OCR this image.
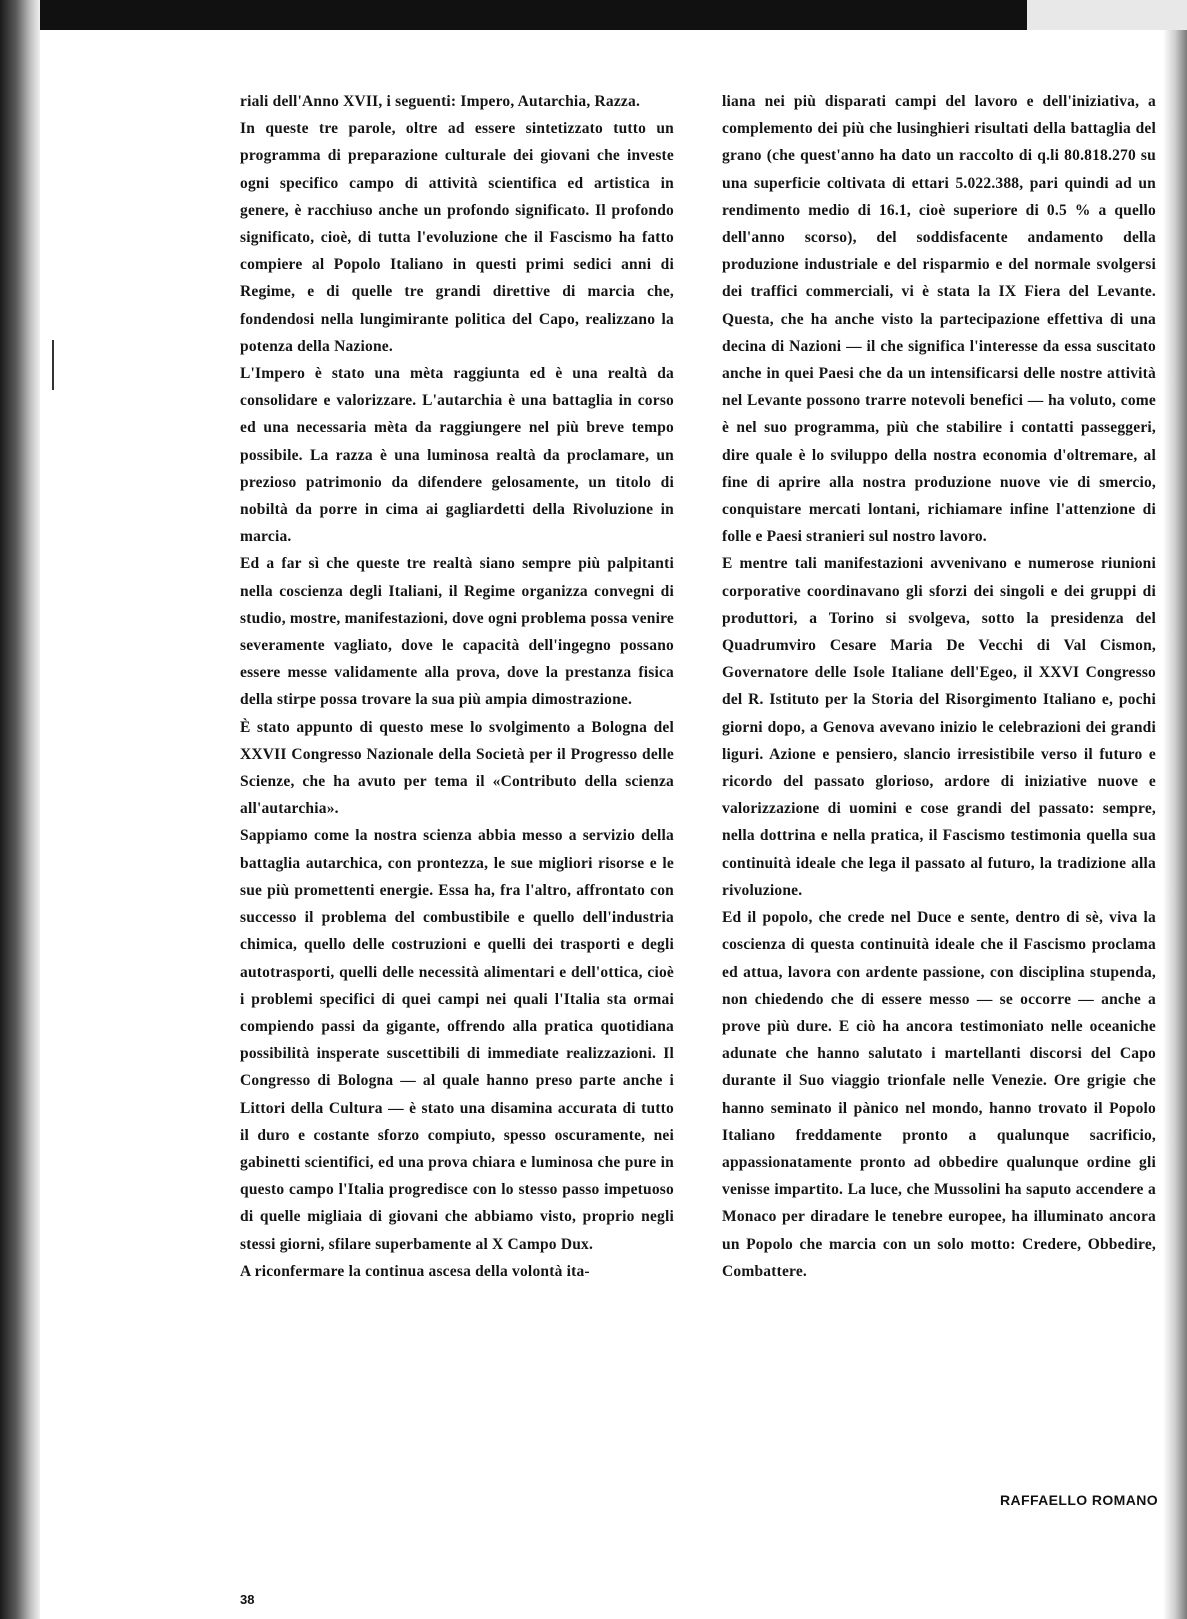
riali dell'Anno XVII, i seguenti: Impero, Autarchia, Razza.

In queste tre parole, oltre ad essere sintetizzato tutto un programma di preparazione culturale dei giovani che investe ogni specifico campo di attività scientifica ed artistica in genere, è racchiuso anche un profondo significato. Il profondo significato, cioè, di tutta l'evoluzione che il Fascismo ha fatto compiere al Popolo Italiano in questi primi sedici anni di Regime, e di quelle tre grandi direttive di marcia che, fondendosi nella lungimirante politica del Capo, realizzano la potenza della Nazione.

L'Impero è stato una mèta raggiunta ed è una realtà da consolidare e valorizzare. L'autarchia è una battaglia in corso ed una necessaria mèta da raggiungere nel più breve tempo possibile. La razza è una luminosa realtà da proclamare, un prezioso patrimonio da difendere gelosamente, un titolo di nobiltà da porre in cima ai gagliardetti della Rivoluzione in marcia.

Ed a far sì che queste tre realtà siano sempre più palpitanti nella coscienza degli Italiani, il Regime organizza convegni di studio, mostre, manifestazioni, dove ogni problema possa venire severamente vagliato, dove le capacità dell'ingegno possano essere messe validamente alla prova, dove la prestanza fisica della stirpe possa trovare la sua più ampia dimostrazione.

È stato appunto di questo mese lo svolgimento a Bologna del XXVII Congresso Nazionale della Società per il Progresso delle Scienze, che ha avuto per tema il «Contributo della scienza all'autarchia».

Sappiamo come la nostra scienza abbia messo a servizio della battaglia autarchica, con prontezza, le sue migliori risorse e le sue più promettenti energie. Essa ha, fra l'altro, affrontato con successo il problema del combustibile e quello dell'industria chimica, quello delle costruzioni e quelli dei trasporti e degli autotrasporti, quelli delle necessità alimentari e dell'ottica, cioè i problemi specifici di quei campi nei quali l'Italia sta ormai compiendo passi da gigante, offrendo alla pratica quotidiana possibilità insperate suscettibili di immediate realizzazioni. Il Congresso di Bologna — al quale hanno preso parte anche i Littori della Cultura — è stato una disamina accurata di tutto il duro e costante sforzo compiuto, spesso oscuramente, nei gabinetti scientifici, ed una prova chiara e luminosa che pure in questo campo l'Italia progredisce con lo stesso passo impetuoso di quelle migliaia di giovani che abbiamo visto, proprio negli stessi giorni, sfilare superbamente al X Campo Dux.

A riconfermare la continua ascesa della volontà ita-

liana nei più disparati campi del lavoro e dell'iniziativa, a complemento dei più che lusinghieri risultati della battaglia del grano (che quest'anno ha dato un raccolto di q.li 80.818.270 su una superficie coltivata di ettari 5.022.388, pari quindi ad un rendimento medio di 16.1, cioè superiore di 0.5 % a quello dell'anno scorso), del soddisfacente andamento della produzione industriale e del risparmio e del normale svolgersi dei traffici commerciali, vi è stata la IX Fiera del Levante. Questa, che ha anche visto la partecipazione effettiva di una decina di Nazioni — il che significa l'interesse da essa suscitato anche in quei Paesi che da un intensificarsi delle nostre attività nel Levante possono trarre notevoli benefici — ha voluto, come è nel suo programma, più che stabilire i contatti passeggeri, dire quale è lo sviluppo della nostra economia d'oltremare, al fine di aprire alla nostra produzione nuove vie di smercio, conquistare mercati lontani, richiamare infine l'attenzione di folle e Paesi stranieri sul nostro lavoro.

E mentre tali manifestazioni avvenivano e numerose riunioni corporative coordinavano gli sforzi dei singoli e dei gruppi di produttori, a Torino si svolgeva, sotto la presidenza del Quadrumviro Cesare Maria De Vecchi di Val Cismon, Governatore delle Isole Italiane dell'Egeo, il XXVI Congresso del R. Istituto per la Storia del Risorgimento Italiano e, pochi giorni dopo, a Genova avevano inizio le celebrazioni dei grandi liguri. Azione e pensiero, slancio irresistibile verso il futuro e ricordo del passato glorioso, ardore di iniziative nuove e valorizzazione di uomini e cose grandi del passato: sempre, nella dottrina e nella pratica, il Fascismo testimonia quella sua continuità ideale che lega il passato al futuro, la tradizione alla rivoluzione.

Ed il popolo, che crede nel Duce e sente, dentro di sè, viva la coscienza di questa continuità ideale che il Fascismo proclama ed attua, lavora con ardente passione, con disciplina stupenda, non chiedendo che di essere messo — se occorre — anche a prove più dure. E ciò ha ancora testimoniato nelle oceaniche adunate che hanno salutato i martellanti discorsi del Capo durante il Suo viaggio trionfale nelle Venezie. Ore grigie che hanno seminato il pànico nel mondo, hanno trovato il Popolo Italiano freddamente pronto a qualunque sacrificio, appassionatamente pronto ad obbedire qualunque ordine gli venisse impartito. La luce, che Mussolini ha saputo accendere a Monaco per diradare le tenebre europee, ha illuminato ancora un Popolo che marcia con un solo motto: Credere, Obbedire, Combattere.

RAFFAELLO ROMANO
38
